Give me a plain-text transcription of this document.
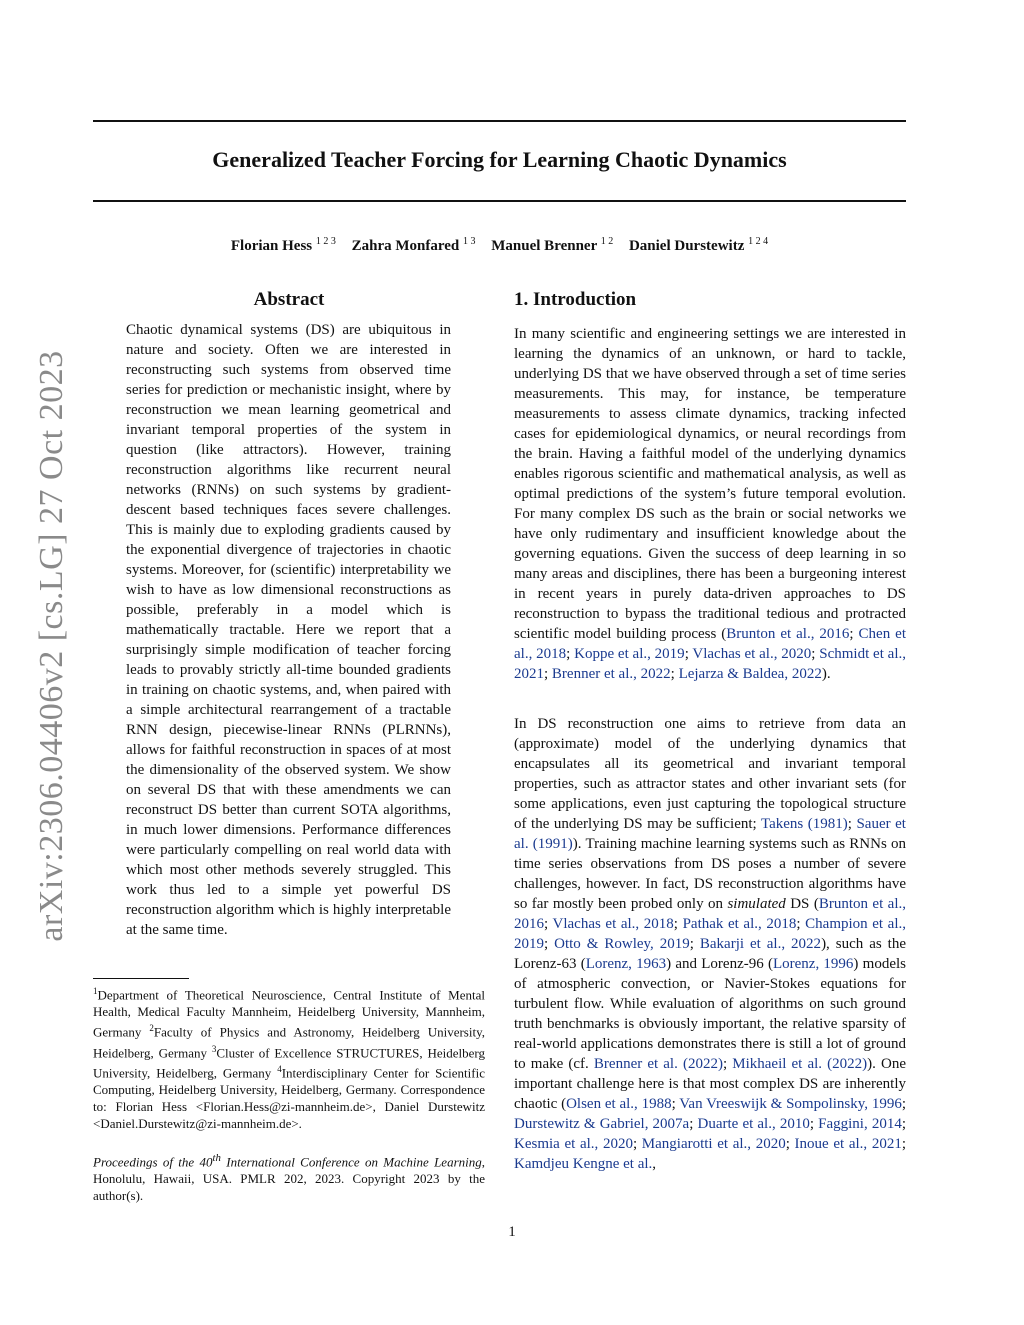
Generalized Teacher Forcing for Learning Chaotic Dynamics
Florian Hess $^{1 2 3}$ Zahra Monfared $^{1 3}$ Manuel Brenner $^{1 2}$ Daniel Durstewitz $^{1 2 4}$
arXiv:2306.04406v2 [cs.LG] 27 Oct 2023
Abstract
Chaotic dynamical systems (DS) are ubiquitous in nature and society. Often we are interested in reconstructing such systems from observed time series for prediction or mechanistic insight, where by reconstruction we mean learning geometrical and invariant temporal properties of the system in question (like attractors). However, training reconstruction algorithms like recurrent neural networks (RNNs) on such systems by gradient-descent based techniques faces severe challenges. This is mainly due to exploding gradients caused by the exponential divergence of trajectories in chaotic systems. Moreover, for (scientific) interpretability we wish to have as low dimensional reconstructions as possible, preferably in a model which is mathematically tractable. Here we report that a surprisingly simple modification of teacher forcing leads to provably strictly all-time bounded gradients in training on chaotic systems, and, when paired with a simple architectural rearrangement of a tractable RNN design, piecewise-linear RNNs (PLRNNs), allows for faithful reconstruction in spaces of at most the dimensionality of the observed system. We show on several DS that with these amendments we can reconstruct DS better than current SOTA algorithms, in much lower dimensions. Performance differences were particularly compelling on real world data with which most other methods severely struggled. This work thus led to a simple yet powerful DS reconstruction algorithm which is highly interpretable at the same time.
$^1$Department of Theoretical Neuroscience, Central Institute of Mental Health, Medical Faculty Mannheim, Heidelberg University, Mannheim, Germany $^2$Faculty of Physics and Astronomy, Heidelberg University, Heidelberg, Germany $^3$Cluster of Excellence STRUCTURES, Heidelberg University, Heidelberg, Germany $^4$Interdisciplinary Center for Scientific Computing, Heidelberg University, Heidelberg, Germany. Correspondence to: Florian Hess <Florian.Hess@zi-mannheim.de>, Daniel Durstewitz <Daniel.Durstewitz@zi-mannheim.de>.
Proceedings of the 40th International Conference on Machine Learning, Honolulu, Hawaii, USA. PMLR 202, 2023. Copyright 2023 by the author(s).
1. Introduction

In many scientific and engineering settings we are interested in learning the dynamics of an unknown, or hard to tackle, underlying DS that we have observed through a set of time series measurements. This may, for instance, be temperature measurements to assess climate dynamics, tracking infected cases for epidemiological dynamics, or neural recordings from the brain. Having a faithful model of the underlying dynamics enables rigorous scientific and mathematical analysis, as well as optimal predictions of the system’s future temporal evolution. For many complex DS such as the brain or social networks we have only rudimentary and insufficient knowledge about the governing equations. Given the success of deep learning in so many areas and disciplines, there has been a burgeoning interest in recent years in purely data-driven approaches to DS reconstruction to bypass the traditional tedious and protracted scientific model building process (Brunton et al., 2016; Chen et al., 2018; Koppe et al., 2019; Vlachas et al., 2020; Schmidt et al., 2021; Brenner et al., 2022; Lejarza & Baldea, 2022).

In DS reconstruction one aims to retrieve from data an (approximate) model of the underlying dynamics that encapsulates all its geometrical and invariant temporal properties, such as attractor states and other invariant sets (for some applications, even just capturing the topological structure of the underlying DS may be sufficient; Takens (1981); Sauer et al. (1991)). Training machine learning systems such as RNNs on time series observations from DS poses a number of severe challenges, however. In fact, DS reconstruction algorithms have so far mostly been probed only on simulated DS (Brunton et al., 2016; Vlachas et al., 2018; Pathak et al., 2018; Champion et al., 2019; Otto & Rowley, 2019; Bakarji et al., 2022), such as the Lorenz-63 (Lorenz, 1963) and Lorenz-96 (Lorenz, 1996) models of atmospheric convection, or Navier-Stokes equations for turbulent flow. While evaluation of algorithms on such ground truth benchmarks is obviously important, the relative sparsity of real-world applications demonstrates there is still a lot of ground to make (cf. Brenner et al. (2022); Mikhaeil et al. (2022)). One important challenge here is that most complex DS are inherently chaotic (Olsen et al., 1988; Van Vreeswijk & Sompolinsky, 1996; Durstewitz & Gabriel, 2007a; Duarte et al., 2010; Faggini, 2014; Kesmia et al., 2020; Mangiarotti et al., 2020; Inoue et al., 2021; Kamdjeu Kengne et al.,

1
